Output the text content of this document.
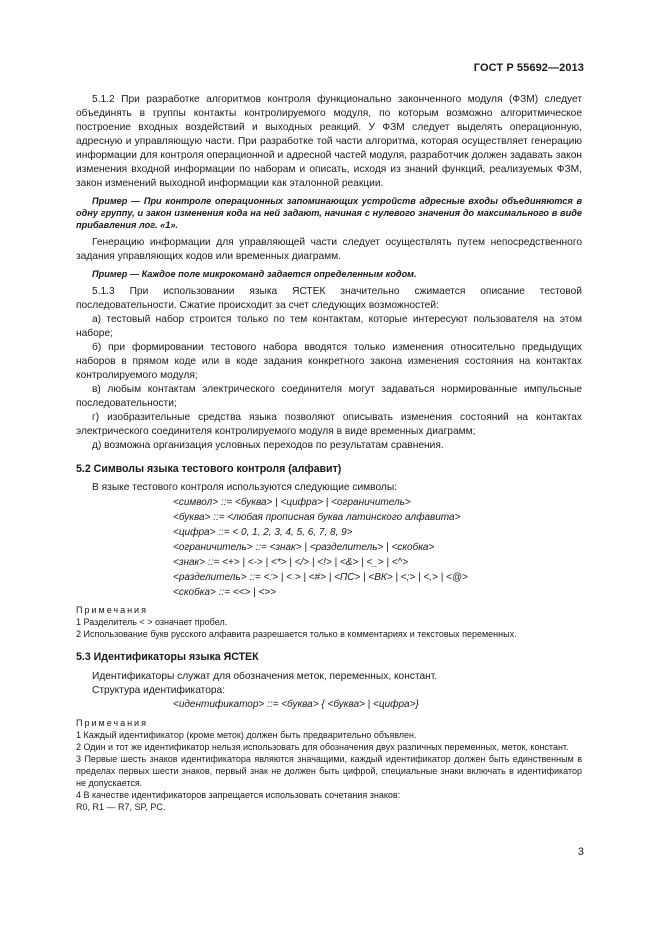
ГОСТ Р 55692—2013

5.1.2 При разработке алгоритмов контроля функционально законченного модуля (ФЗМ) следует объединять в группы контакты контролируемого модуля, по которым возможно алгоритмическое построение входных воздействий и выходных реакций. У ФЗМ следует выделять операционную, адресную и управляющую части. При разработке той части алгоритма, которая осуществляет генерацию информации для контроля операционной и адресной частей модуля, разработчик должен задавать закон изменения входной информации по наборам и описать, исходя из знаний функций, реализуемых ФЗМ, закон изменений выходной информации как эталонной реакции.

Пример — При контроле операционных запоминающих устройств адресные входы объединяются в одну группу, и закон изменения кода на ней задают, начиная с нулевого значения до максимального в виде прибавления лог. «1».

Генерацию информации для управляющей части следует осуществлять путем непосредственного задания управляющих кодов или временных диаграмм.

Пример — Каждое поле микрокоманд задается определенным кодом.

5.1.3 При использовании языка ЯСТЕК значительно сжимается описание тестовой последовательности. Сжатие происходит за счет следующих возможностей:

а) тестовый набор строится только по тем контактам, которые интересуют пользователя на этом наборе;

б) при формировании тестового набора вводятся только изменения относительно предыдущих наборов в прямом коде или в коде задания конкретного закона изменения состояния на контактах контролируемого модуля;

в) любым контактам электрического соединителя могут задаваться нормированные импульсные последовательности;

г) изобразительные средства языка позволяют описывать изменения состояний на контактах электрического соединителя контролируемого модуля в виде временных диаграмм;

д) возможна организация условных переходов по результатам сравнения.

5.2 Символы языка тестового контроля (алфавит)

В языке тестового контроля используются следующие символы:

<символ> ::= <буква> | <цифра> | <ограничитель>
<буква> ::= <любая прописная буква латинского алфавита>
<цифра> ::= < 0, 1, 2, 3, 4, 5, 6, 7, 8, 9>
<ограничитель> ::= <знак> | <разделитель> | <скобка>
<знак> ::= <+> | <-> | <*> | </> | <!> | <&> | <_> | <^>
<разделитель> ::= <:> | < > | <#> | <ПС> | <ВК> | <;> | <,> | <@>
<скобка> ::= <<> | <>>

Примечания

1 Разделитель < > означает пробел.

2 Использование букв русского алфавита разрешается только в комментариях и текстовых переменных.

5.3 Идентификаторы языка ЯСТЕК

Идентификаторы служат для обозначения меток, переменных, констант.

Структура идентификатора:

<идентификатор> ::= <буква> { <буква> | <цифра>}

Примечания

1 Каждый идентификатор (кроме меток) должен быть предварительно объявлен.

2 Один и тот же идентификатор нельзя использовать для обозначения двух различных переменных, меток, констант.

3 Первые шесть знаков идентификатора являются значащими, каждый идентификатор должен быть единственным в пределах первых шести знаков, первый знак не должен быть цифрой, специальные знаки включать в идентификатор не допускается.

4 В качестве идентификаторов запрещается использовать сочетания знаков:

R0, R1 — R7, SP, PC.

3
